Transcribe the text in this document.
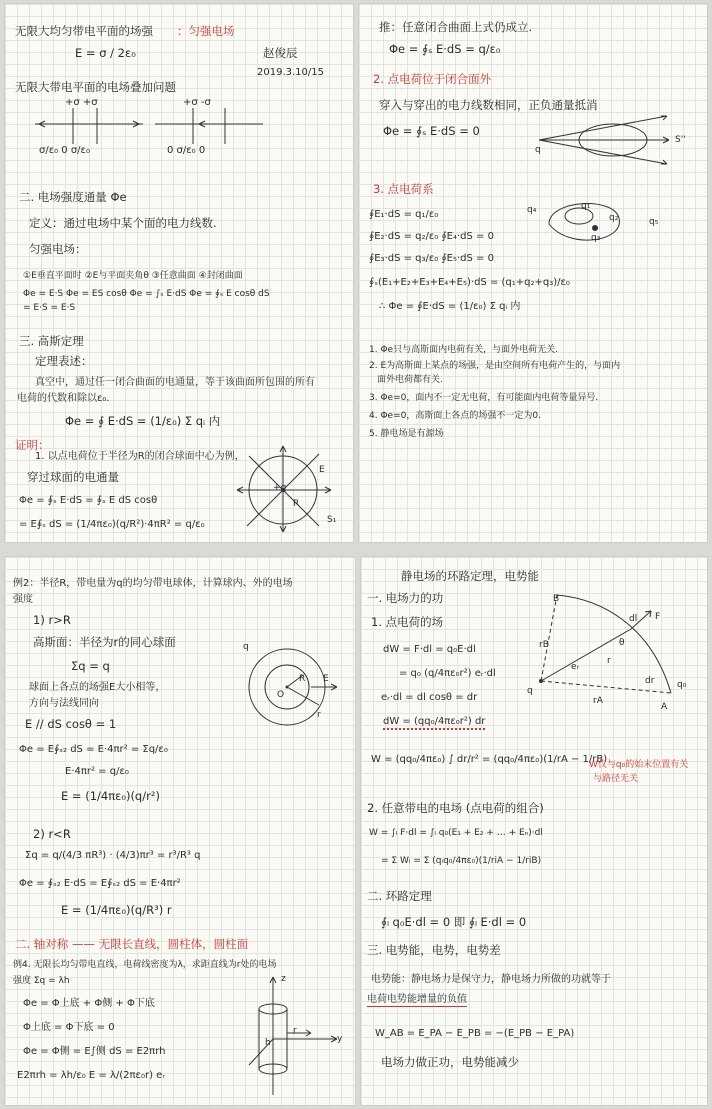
无限大均匀带电平面的场强 ：匀强电场
E = σ / 2ε₀	赵俊辰
2019.3.10/15
无限大带电平面的电场叠加问题
+σ +σ	+σ -σ
σ/ε₀ 0 σ/ε₀	0 σ/ε₀ 0
二. 电场强度通量 Φe
定义：通过电场中某个面的电力线数.
匀强电场：
①E垂直平面时 ②E与平面夹角θ ③任意曲面 ④封闭曲面
Φe = E·S Φe = ES cosθ Φe = ∫ₛ E·dS Φe = ∮ₛ E cosθ dS
= E·S = E·S
三. 高斯定理
定理表述：
真空中，通过任一闭合曲面的电通量，等于该曲面所包围的所有
电荷的代数和除以ε₀.
Φe = ∮ E·dS = (1/ε₀) Σ qᵢ 内
证明：
1. 以点电荷位于半径为R的闭合球面中心为例，
穿过球面的电通量
Φe = ∮ₛ E·dS = ∮ₛ E dS cosθ
= E∮ₛ dS = (1/4πε₀)(q/R²)·4πR² = q/ε₀
+q
E
S₁
R
推：任意闭合曲面上式仍成立.
Φe = ∮ₛ E·dS = q/ε₀
2. 点电荷位于闭合面外
穿入与穿出的电力线数相同，正负通量抵消
Φe = ∮ₛ E·dS = 0
q
S''
3. 点电荷系
∮E₁·dS = q₁/ε₀
∮E₂·dS = q₂/ε₀ ∮E₄·dS = 0
∮E₃·dS = q₃/ε₀ ∮E₅·dS = 0
∮ₛ(E₁+E₂+E₃+E₄+E₅)·dS = (q₁+q₂+q₃)/ε₀
∴ Φe = ∮E·dS = (1/ε₀) Σ qᵢ 内
q₁
q₂
q₃
q₄
q₅
1. Φe只与高斯面内电荷有关，与面外电荷无关.
2. E为高斯面上某点的场强，是由空间所有电荷产生的，与面内
面外电荷都有关.
3. Φe=0，面内不一定无电荷，有可能面内电荷等量异号.
4. Φe=0，高斯面上各点的场强不一定为0.
5. 静电场是有源场
例2：半径R，带电量为q的均匀带电球体，计算球内、外的电场
强度
1) r>R
高斯面：半径为r的同心球面
Σq = q
球面上各点的场强E大小相等，
方向与法线同向
E // dS cosθ = 1
Φe = E∮ₛ₂ dS = E·4πr² = Σq/ε₀
E·4πr² = q/ε₀
E = (1/4πε₀)(q/r²)
q
R
O
E
r
2) r<R
Σq = q/(4/3 πR³) · (4/3)πr³ = r³/R³ q
Φe = ∮ₛ₂ E·dS = E∮ₛ₂ dS = E·4πr²
E = (1/4πε₀)(q/R³) r
二. 轴对称 —— 无限长直线，圆柱体，圆柱面
例4. 无限长均匀带电直线，电荷线密度为λ，求距直线为r处的电场
强度 Σq = λh
Φe = Φ上底 + Φ侧 + Φ下底
Φ上底 = Φ下底 = 0
Φe = Φ侧 = E∫侧 dS = E2πrh
E2πrh = λh/ε₀ E = λ/(2πε₀r) eᵣ
z
y
h
r
静电场的环路定理，电势能
一. 电场力的功
1. 点电荷的场
dW = F·dl = q₀E·dl
= q₀ (q/4πε₀r²) eᵣ·dl
eᵣ·dl = dl cosθ = dr
dW = (qq₀/4πε₀r²) dr
W = (qq₀/4πε₀) ∫ dr/r² = (qq₀/4πε₀)(1/rA − 1/rB)
W仅与q₀的始末位置有关
与路径无关
B
rB
dl F
θ
q
eᵣ
r
rA
A
q₀
dr
2. 任意带电的电场 (点电荷的组合)
W = ∫ₗ F·dl = ∫ₗ q₀(E₁ + E₂ + … + Eₙ)·dl
= Σ Wᵢ = Σ (qᵢq₀/4πε₀)(1/riA − 1/riB)
二. 环路定理
∮ₗ q₀E·dl = 0 即 ∮ₗ E·dl = 0
三. 电势能，电势，电势差
电势能：静电场力是保守力，静电场力所做的功就等于
电荷电势能增量的负值
W_AB = E_PA − E_PB = −(E_PB − E_PA)
电场力做正功，电势能减少
